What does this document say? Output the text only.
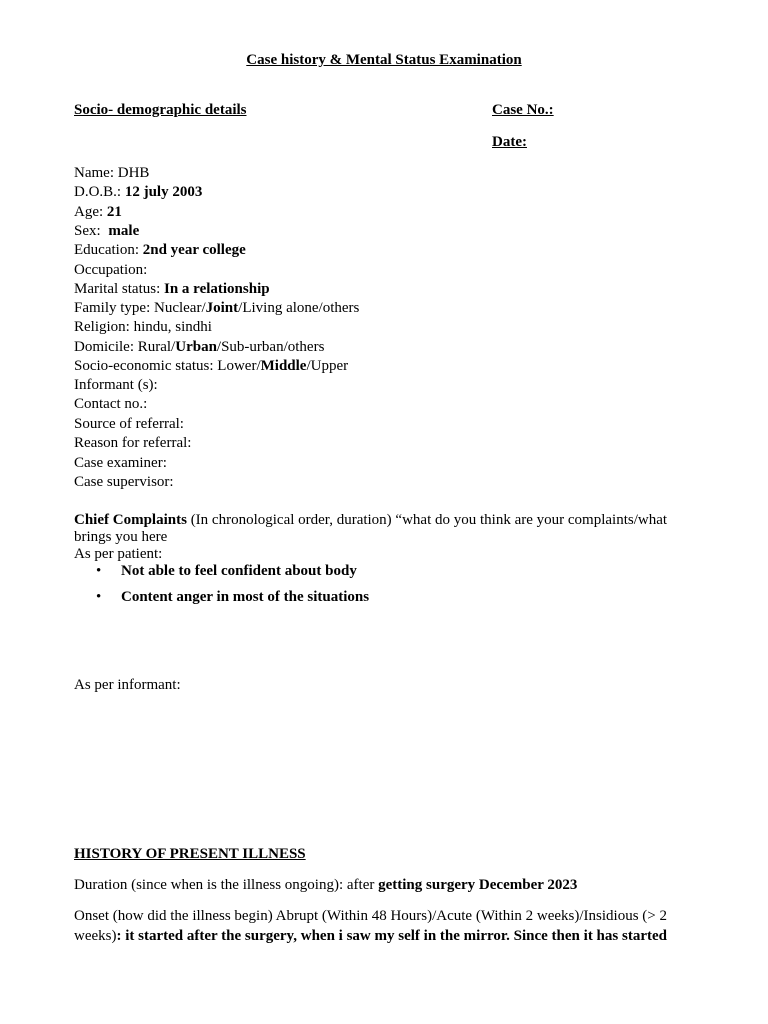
Case history & Mental Status Examination
Socio- demographic details	Case No.:
Date:
Name: DHB
D.O.B.: 12 july 2003
Age: 21
Sex: male
Education: 2nd year college
Occupation:
Marital status: In a relationship
Family type: Nuclear/Joint/Living alone/others
Religion: hindu, sindhi
Domicile: Rural/Urban/Sub-urban/others
Socio-economic status: Lower/Middle/Upper
Informant (s):
Contact no.:
Source of referral:
Reason for referral:
Case examiner:
Case supervisor:
Chief Complaints (In chronological order, duration) “what do you think are your complaints/what
brings you here
As per patient:
• Not able to feel confident about body
• Content anger in most of the situations
As per informant:
HISTORY OF PRESENT ILLNESS
Duration (since when is the illness ongoing): after getting surgery December 2023
Onset (how did the illness begin) Abrupt (Within 48 Hours)/Acute (Within 2 weeks)/Insidious (> 2
weeks): it started after the surgery, when i saw my self in the mirror. Since then it has started
